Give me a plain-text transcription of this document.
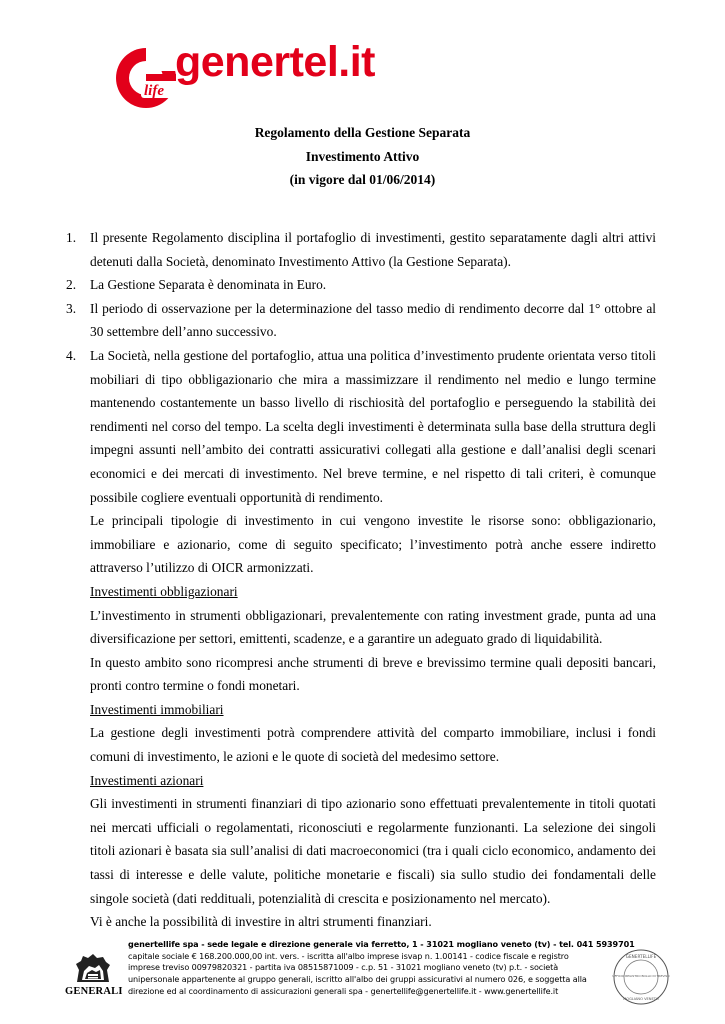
life
genertel.it
Regolamento della Gestione Separata
Investimento Attivo
(in vigore dal 01/06/2014)
1. Il presente Regolamento disciplina il portafoglio di investimenti, gestito separatamente dagli altri attivi detenuti dalla Società, denominato Investimento Attivo (la Gestione Separata).
2. La Gestione Separata è denominata in Euro.
3. Il periodo di osservazione per la determinazione del tasso medio di rendimento decorre dal 1° ottobre al 30 settembre dell’anno successivo.
4. La Società, nella gestione del portafoglio, attua una politica d’investimento prudente orientata verso titoli mobiliari di tipo obbligazionario che mira a massimizzare il rendimento nel medio e lungo termine mantenendo costantemente un basso livello di rischiosità del portafoglio e perseguendo la stabilità dei rendimenti nel corso del tempo. La scelta degli investimenti è determinata sulla base della struttura degli impegni assunti nell’ambito dei contratti assicurativi collegati alla gestione e dall’analisi degli scenari economici e dei mercati di investimento. Nel breve termine, e nel rispetto di tali criteri, è comunque possibile cogliere eventuali opportunità di rendimento.
Le principali tipologie di investimento in cui vengono investite le risorse sono: obbligazionario, immobiliare e azionario, come di seguito specificato; l’investimento potrà anche essere indiretto attraverso l’utilizzo di OICR armonizzati.
Investimenti obbligazionari
L’investimento in strumenti obbligazionari, prevalentemente con rating investment grade, punta ad una diversificazione per settori, emittenti, scadenze, e a garantire un adeguato grado di liquidabilità.
In questo ambito sono ricompresi anche strumenti di breve e brevissimo termine quali depositi bancari, pronti contro termine o fondi monetari.
Investimenti immobiliari
La gestione degli investimenti potrà comprendere attività del comparto immobiliare, inclusi i fondi comuni di investimento, le azioni e le quote di società del medesimo settore.
Investimenti azionari
Gli investimenti in strumenti finanziari di tipo azionario sono effettuati prevalentemente in titoli quotati nei mercati ufficiali o regolamentati, riconosciuti e regolarmente funzionanti. La selezione dei singoli titoli azionari è basata sia sull’analisi di dati macroeconomici (tra i quali ciclo economico, andamento dei tassi di interesse e delle valute, politiche monetarie e fiscali) sia sullo studio dei fondamentali delle singole società (dati reddituali, potenzialità di crescita e posizionamento nel mercato).
Vi è anche la possibilità di investire in altri strumenti finanziari.
GENERALI
genertellife spa - sede legale e direzione generale via ferretto, 1 - 31021 mogliano veneto (tv) - tel. 041 5939701
capitale sociale € 168.200.000,00 int. vers. - iscritta all'albo imprese isvap n. 1.00141 - codice fiscale e registro
imprese treviso 00979820321 - partita iva 08515871009 - c.p. 51 - 31021 mogliano veneto (tv) p.t. - società
unipersonale appartenente al gruppo generali, iscritto all'albo dei gruppi assicurativi al numero 026, e soggetta alla
direzione ed al coordinamento di assicurazioni generali spa - genertellife@genertellife.it - www.genertellife.it
GENERTELLIFE
UFFICIO REGISTRO BOLLO DI TREVISO
MOGLIANO VENETO
